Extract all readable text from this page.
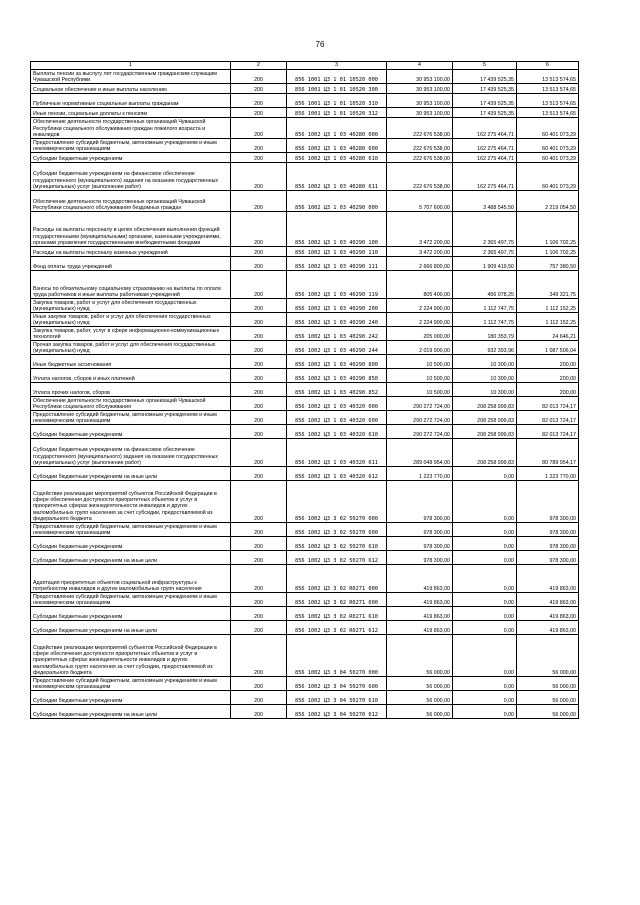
76
1	2	3	4	5	6
Выплаты пенсии за выслугу лет государственным гражданским служащим Чувашской Республики	200	856 1001 Ц3 1 01 10520 000	30 953 100,00	17 439 525,35	13 513 574,65
Социальное обеспечение и иные выплаты населению	200	856 1001 Ц3 1 01 10520 300	30 953 100,00	17 439 525,35	13 513 574,65
Публичные нормативные социальные выплаты гражданам	200	856 1001 Ц3 1 01 10520 310	30 953 100,00	17 439 525,35	13 513 574,65
Иные пенсии, социальные доплаты к пенсиям	200	856 1001 Ц3 1 01 10520 312	30 953 100,00	17 439 525,35	13 513 574,65
Обеспечение деятельности государственных организаций Чувашской Республики социального обслуживания граждан пожилого возраста и инвалидов	200	856 1002 Ц3 1 03 40280 000	222 676 538,00	162 275 464,71	60 401 073,29
Предоставление субсидий бюджетным, автономным учреждениям и иным некоммерческим организациям	200	856 1002 Ц3 1 03 40280 600	222 676 538,00	162 275 464,71	60 401 073,29
Субсидии бюджетным учреждениям	200	856 1002 Ц3 1 03 40280 610	222 676 538,00	162 275 464,71	60 401 073,29
Субсидии бюджетным учреждениям на финансовое обеспечение государственного (муниципального) задания на оказание государственных (муниципальных) услуг (выполнение работ)	200	856 1002 Ц3 1 03 40280 611	222 676 538,00	162 275 464,71	60 401 073,29
Обеспечение деятельности государственных организаций Чувашской Республики социального обслуживания бездомных граждан	200	856 1002 Ц3 1 03 40290 000	5 707 600,00	3 488 545,50	2 219 054,50
Расходы на выплаты персоналу в целях обеспечения выполнения функций государственными (муниципальными) органами, казенными учреждениями, органами управления государственными внебюджетными фондами	200	856 1002 Ц3 1 03 40290 100	3 472 200,00	2 365 497,75	1 106 702,25
Расходы на выплаты персоналу казенных учреждений	200	856 1002 Ц3 1 03 40290 110	3 472 200,00	2 365 497,75	1 106 702,25
Фонд оплаты труда учреждений	200	856 1002 Ц3 1 03 40290 111	2 666 800,00	1 909 419,50	757 380,50
Взносы по обязательному социальному страхованию на выплаты по оплате труда работников и иные выплаты работникам учреждений	200	856 1002 Ц3 1 03 40290 119	805 400,00	456 078,25	349 321,75
Закупка товаров, работ и услуг для обеспечения государственных (муниципальных) нужд	200	856 1002 Ц3 1 03 40290 200	2 224 900,00	1 112 747,75	1 112 152,25
Иные закупки товаров, работ и услуг для обеспечения государственных (муниципальных) нужд	200	856 1002 Ц3 1 03 40290 240	2 224 900,00	1 112 747,75	1 112 152,25
Закупка товаров, работ, услуг в сфере информационно-коммуникационных технологий	200	856 1002 Ц3 1 03 40290 242	205 000,00	180 353,79	24 646,21
Прочая закупка товаров, работ и услуг для обеспечения государственных (муниципальных) нужд	200	856 1002 Ц3 1 03 40290 244	2 019 900,00	932 393,96	1 087 506,04
Иные бюджетные ассигнования	200	856 1002 Ц3 1 03 40290 800	10 500,00	10 300,00	200,00
Уплата налогов, сборов и иных платежей	200	856 1002 Ц3 1 03 40290 850	10 500,00	10 300,00	200,00
Уплата прочих налогов, сборов	200	856 1002 Ц3 1 03 40290 852	10 500,00	10 300,00	200,00
Обеспечение деятельности государственных организаций Чувашской Республики социального обслуживания	200	856 1002 Ц3 1 03 40320 000	290 272 724,00	208 258 999,83	82 013 724,17
Предоставление субсидий бюджетным, автономным учреждениям и иным некоммерческим организациям	200	856 1002 Ц3 1 03 40320 600	290 272 724,00	208 258 999,83	82 013 724,17
Субсидии бюджетным учреждениям	200	856 1002 Ц3 1 03 40320 610	290 272 724,00	208 258 999,83	82 013 724,17
Субсидии бюджетным учреждениям на финансовое обеспечение государственного (муниципального) задания на оказание государственных (муниципальных) услуг (выполнение работ)	200	856 1002 Ц3 1 03 40320 611	289 048 954,00	208 258 999,83	80 789 954,17
Субсидии бюджетным учреждениям на иные цели	200	856 1002 Ц3 1 03 40320 612	1 223 770,00	0,00	1 223 770,00
Содействие реализации мероприятий субъектов Российской Федерации в сфере обеспечения доступности приоритетных объектов и услуг в приоритетных сферах жизнедеятельности инвалидов и других маломобильных групп населения за счет субсидии, предоставляемой из федерального бюджета	200	856 1002 Ц3 3 02 50270 000	978 300,00	0,00	978 300,00
Предоставление субсидий бюджетным, автономным учреждениям и иным некоммерческим организациям	200	856 1002 Ц3 3 02 50270 600	978 300,00	0,00	978 300,00
Субсидии бюджетным учреждениям	200	856 1002 Ц3 3 02 50270 610	978 300,00	0,00	978 300,00
Субсидии бюджетным учреждениям на иные цели	200	856 1002 Ц3 3 02 50270 612	978 300,00	0,00	978 300,00
Адаптация приоритетных объектов социальной инфраструктуры к потребностям инвалидов и других маломобильных групп населения	200	856 1002 Ц3 3 02 R0271 000	419 863,00	0,00	419 863,00
Предоставление субсидий бюджетным, автономным учреждениям и иным некоммерческим организациям	200	856 1002 Ц3 3 02 R0271 600	419 863,00	0,00	419 863,00
Субсидии бюджетным учреждениям	200	856 1002 Ц3 3 02 R0271 610	419 863,00	0,00	419 863,00
Субсидии бюджетным учреждениям на иные цели	200	856 1002 Ц3 3 02 R0271 612	419 863,00	0,00	419 863,00
Содействие реализации мероприятий субъектов Российской Федерации в сфере обеспечения доступности приоритетных объектов и услуг в приоритетных сферах жизнедеятельности инвалидов и других маломобильных групп населения за счет субсидии, предоставляемой из федерального бюджета	200	856 1002 Ц3 3 04 50270 000	56 000,00	0,00	56 000,00
Предоставление субсидий бюджетным, автономным учреждениям и иным некоммерческим организациям	200	856 1002 Ц3 3 04 50270 600	56 000,00	0,00	56 000,00
Субсидии бюджетным учреждениям	200	856 1002 Ц3 3 04 50270 610	56 000,00	0,00	56 000,00
Субсидии бюджетным учреждениям на иные цели	200	856 1002 Ц3 3 04 50270 612	56 000,00	0,00	56 000,00
